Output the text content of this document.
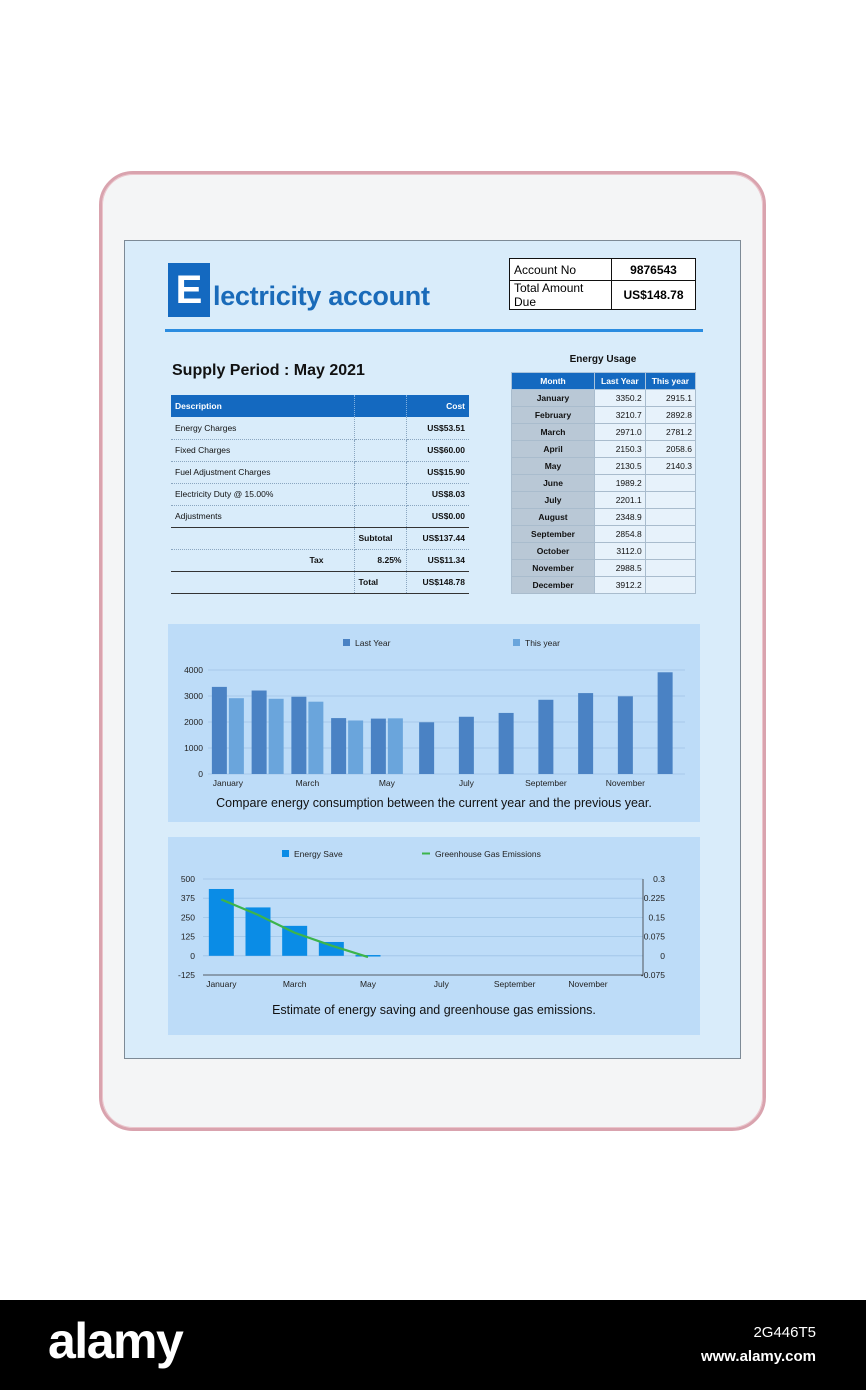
E lectricity account
Account No	9876543
Total Amount Due	US$148.78
Supply Period : May 2021
Description		Cost
Energy Charges		US$53.51
Fixed Charges		US$60.00
Fuel Adjustment Charges		US$15.90
Electricity Duty @ 15.00%		US$8.03
Adjustments		US$0.00
	Subtotal	US$137.44
Tax	8.25%	US$11.34
	Total	US$148.78
Energy Usage
Month	Last Year	This year
January	3350.2	2915.1
February	3210.7	2892.8
March	2971.0	2781.2
April	2150.3	2058.6
May	2130.5	2140.3
June	1989.2	
July	2201.1	
August	2348.9	
September	2854.8	
October	3112.0	
November	2988.5	
December	3912.2	
Last Year	This year
0
1000
2000
3000
4000
January	March	May	July	September	November
Compare energy consumption between the current year and the previous year.
Energy Save	Greenhouse Gas Emissions
500	0.3
375	0.225
250	0.15
125	0.075
0	0
-125	-0.075
January	March	May	July	September	November
Estimate of energy saving and greenhouse gas emissions.
alamy	2G446T5
www.alamy.com
